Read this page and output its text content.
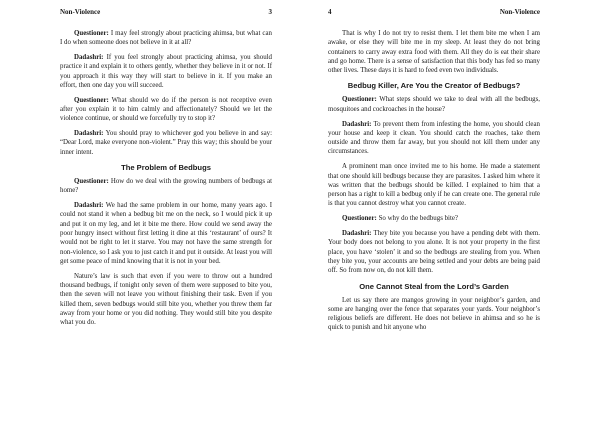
Non-Violence	3

Questioner: I may feel strongly about practicing ahimsa, but what can I do when someone does not believe in it at all?

Dadashri: If you feel strongly about practicing ahimsa, you should practice it and explain it to others gently, whether they believe in it or not. If you approach it this way they will start to believe in it. If you make an effort, then one day you will succeed.

Questioner: What should we do if the person is not receptive even after you explain it to him calmly and affectionately? Should we let the violence continue, or should we forcefully try to stop it?

Dadashri: You should pray to whichever god you believe in and say: “Dear Lord, make everyone non-violent.” Pray this way; this should be your inner intent.

The Problem of Bedbugs

Questioner: How do we deal with the growing numbers of bedbugs at home?

Dadashri: We had the same problem in our home, many years ago. I could not stand it when a bedbug bit me on the neck, so I would pick it up and put it on my leg, and let it bite me there. How could we send away the poor hungry insect without first letting it dine at this ‘restaurant’ of ours? It would not be right to let it starve. You may not have the same strength for non-violence, so I ask you to just catch it and put it outside. At least you will get some peace of mind knowing that it is not in your bed.

Nature’s law is such that even if you were to throw out a hundred thousand bedbugs, if tonight only seven of them were supposed to bite you, then the seven will not leave you without finishing their task. Even if you killed them, seven bedbugs would still bite you, whether you threw them far away from your home or you did nothing. They would still bite you despite what you do.

4	Non-Violence

That is why I do not try to resist them. I let them bite me when I am awake, or else they will bite me in my sleep. At least they do not bring containers to carry away extra food with them. All they do is eat their share and go home. There is a sense of satisfaction that this body has fed so many other lives. These days it is hard to feed even two individuals.

Bedbug Killer, Are You the Creator of Bedbugs?

Questioner: What steps should we take to deal with all the bedbugs, mosquitoes and cockroaches in the house?

Dadashri: To prevent them from infesting the home, you should clean your house and keep it clean. You should catch the roaches, take them outside and throw them far away, but you should not kill them under any circumstances.

A prominent man once invited me to his home. He made a statement that one should kill bedbugs because they are parasites. I asked him where it was written that the bedbugs should be killed. I explained to him that a person has a right to kill a bedbug only if he can create one. The general rule is that you cannot destroy what you cannot create.

Questioner: So why do the bedbugs bite?

Dadashri: They bite you because you have a pending debt with them. Your body does not belong to you alone. It is not your property in the first place, you have ‘stolen’ it and so the bedbugs are stealing from you. When they bite you, your accounts are being settled and your debts are being paid off. So from now on, do not kill them.

One Cannot Steal from the Lord’s Garden

Let us say there are mangos growing in your neighbor’s garden, and some are hanging over the fence that separates your yards. Your neighbor’s religious beliefs are different. He does not believe in ahimsa and so he is quick to punish and hit anyone who
